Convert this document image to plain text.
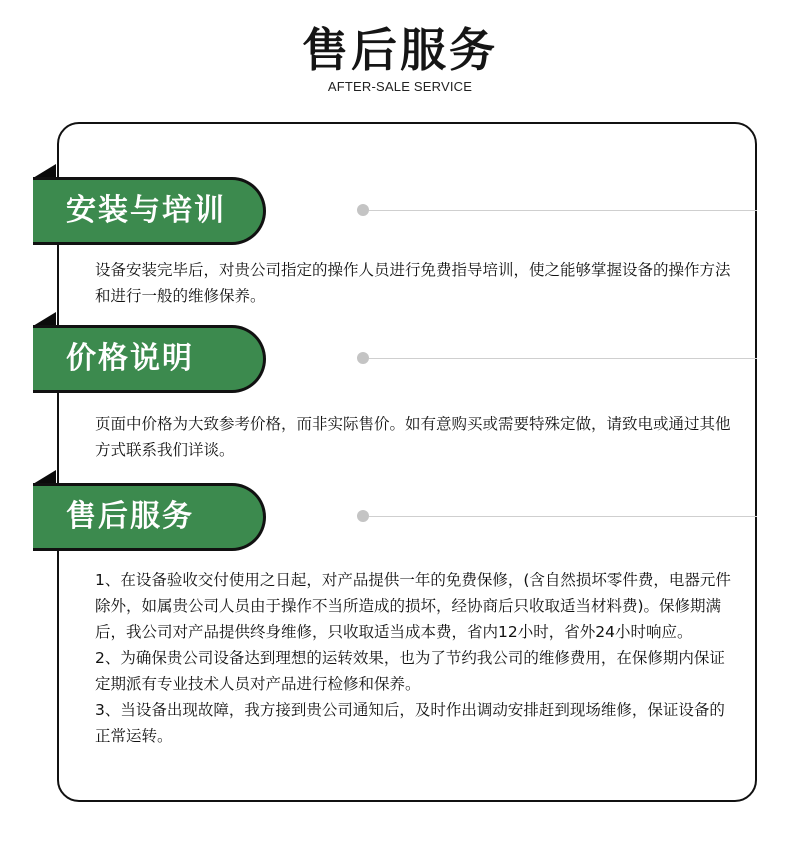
售后服务
AFTER-SALE SERVICE
安装与培训

设备安装完毕后，对贵公司指定的操作人员进行免费指导培训，使之能够掌握设备的操作方法和进行一般的维修保养。

价格说明

页面中价格为大致参考价格，而非实际售价。如有意购买或需要特殊定做，请致电或通过其他方式联系我们详谈。

售后服务

1、在设备验收交付使用之日起，对产品提供一年的免费保修，(含自然损坏零件费，电器元件除外，如属贵公司人员由于操作不当所造成的损坏，经协商后只收取适当材料费)。保修期满后，我公司对产品提供终身维修，只收取适当成本费，省内12小时，省外24小时响应。

2、为确保贵公司设备达到理想的运转效果，也为了节约我公司的维修费用，在保修期内保证定期派有专业技术人员对产品进行检修和保养。

3、当设备出现故障，我方接到贵公司通知后，及时作出调动安排赶到现场维修，保证设备的正常运转。
